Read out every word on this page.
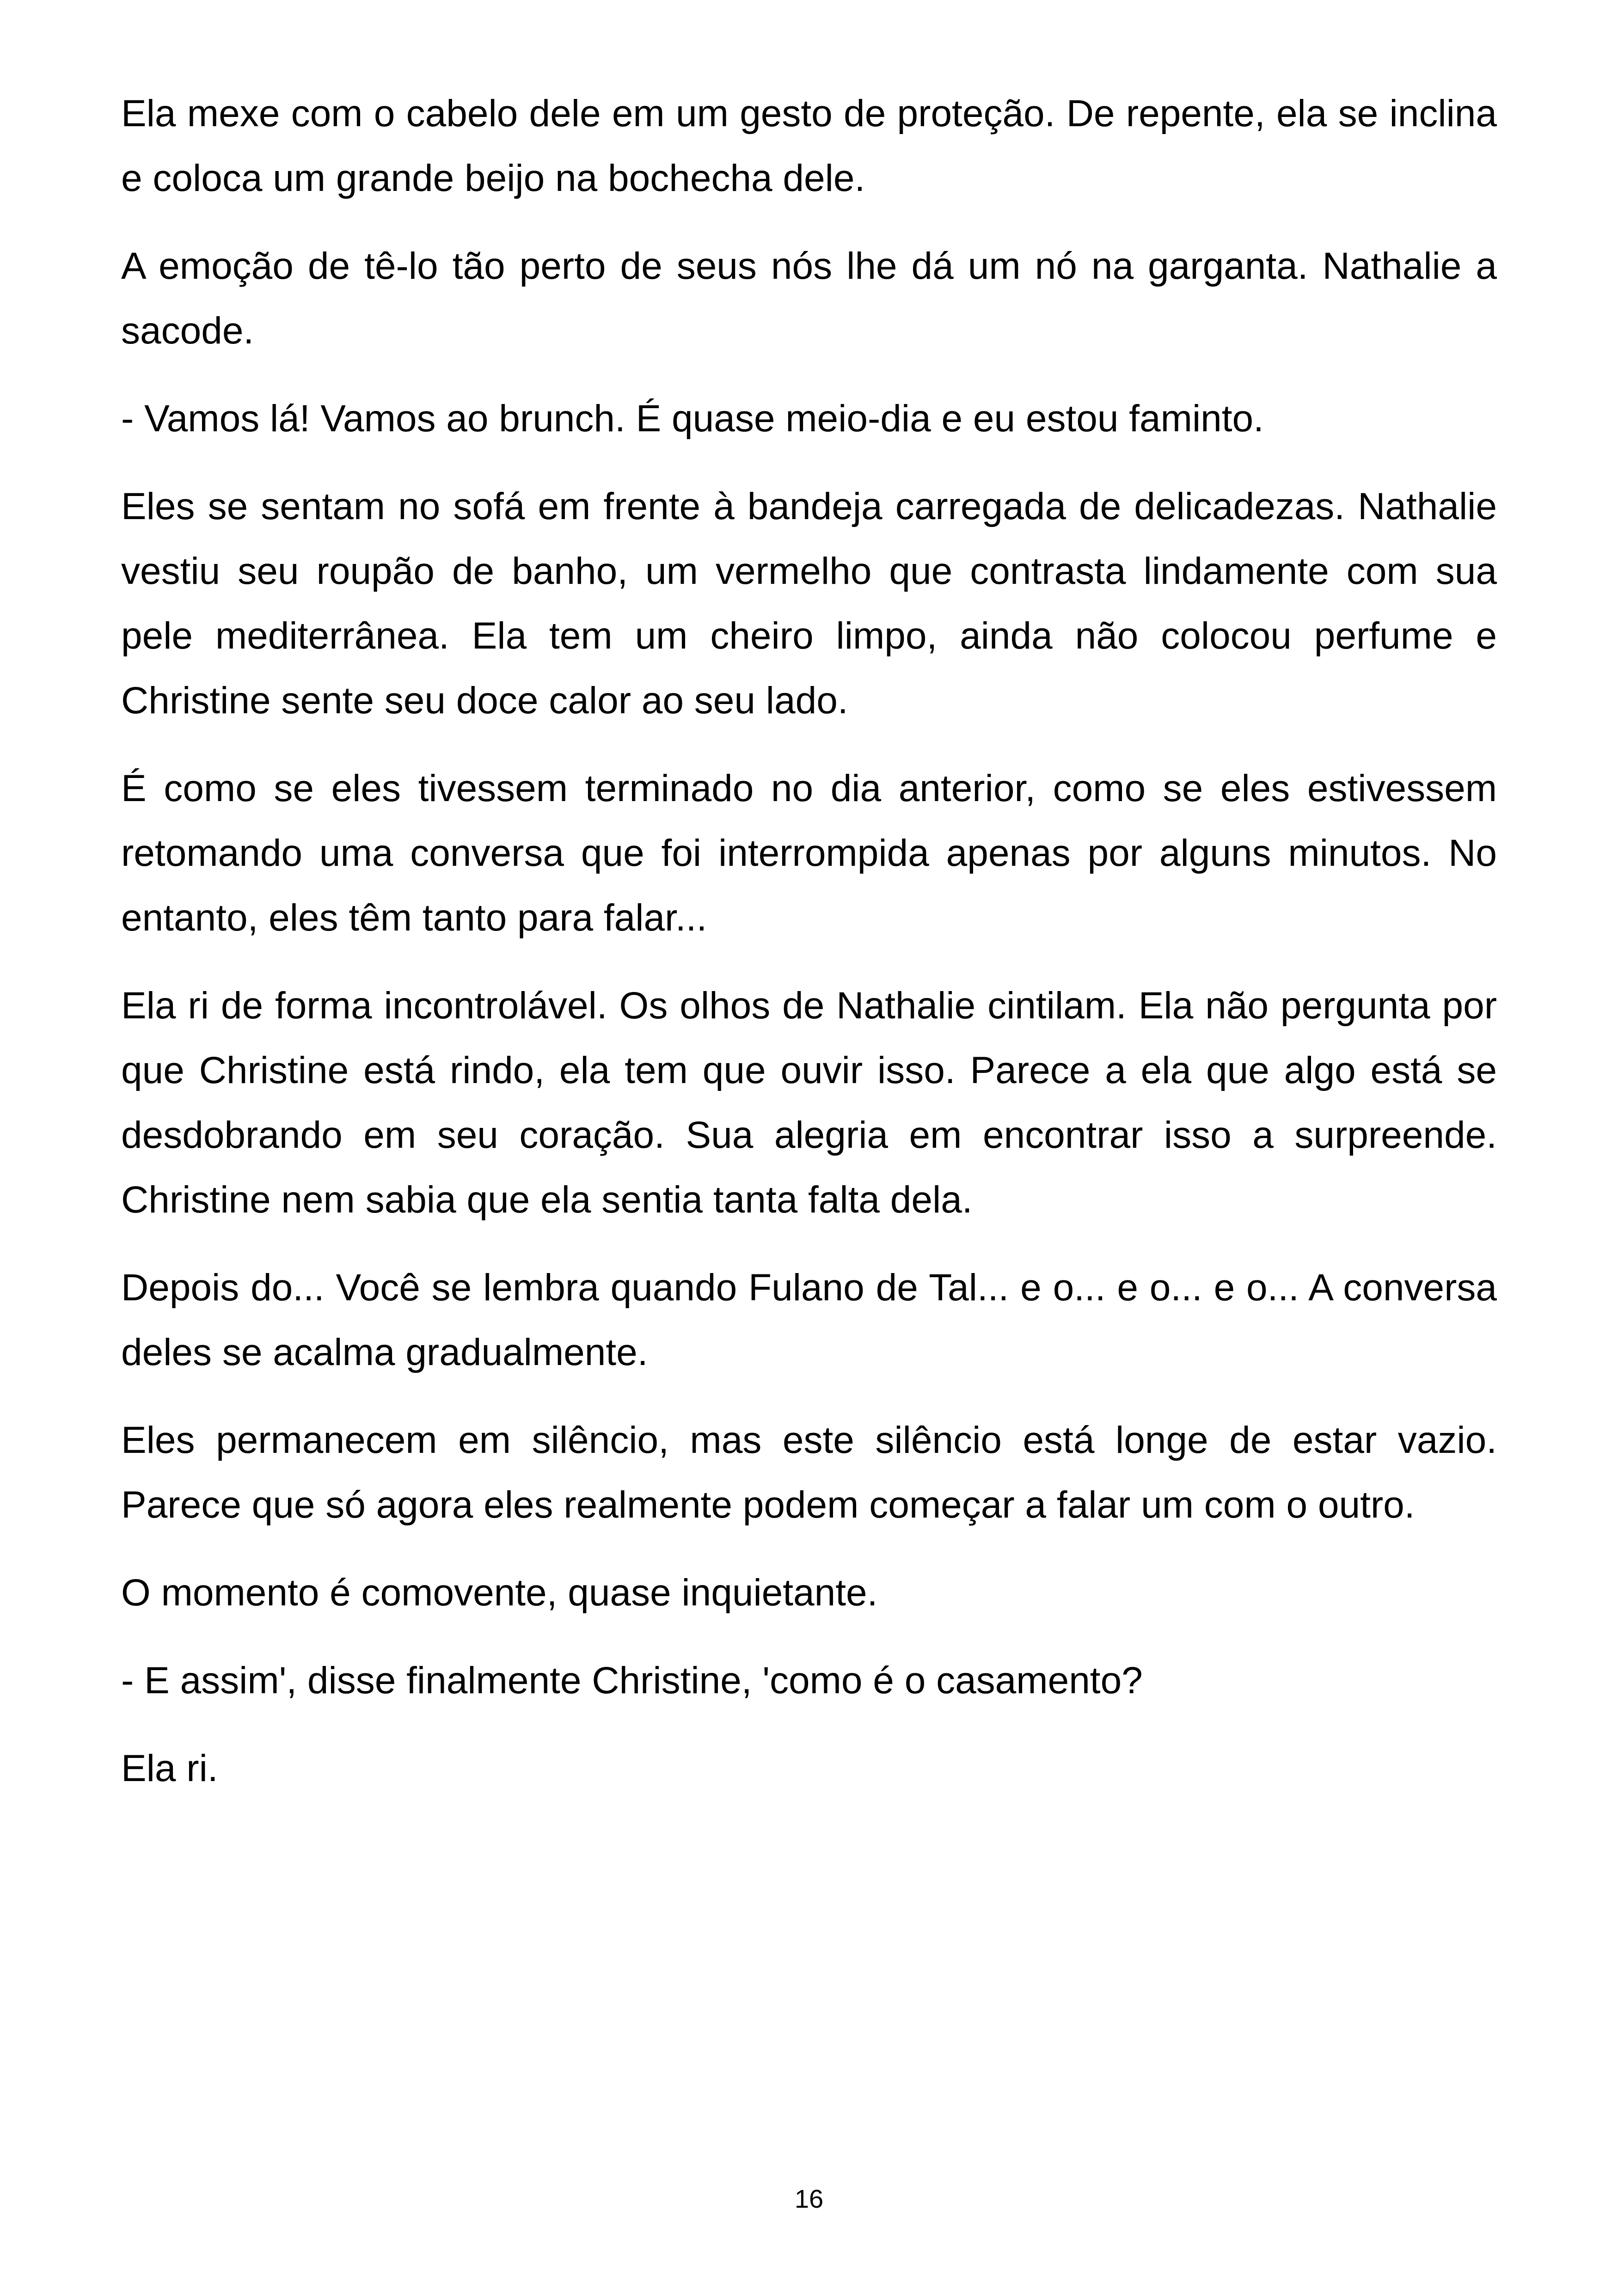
Ela mexe com o cabelo dele em um gesto de proteção. De repente, ela se inclina e coloca um grande beijo na bochecha dele.

A emoção de tê-lo tão perto de seus nós lhe dá um nó na garganta. Nathalie a sacode.

- Vamos lá! Vamos ao brunch. É quase meio-dia e eu estou faminto.

Eles se sentam no sofá em frente à bandeja carregada de delicadezas. Nathalie vestiu seu roupão de banho, um vermelho que contrasta lindamente com sua pele mediterrânea. Ela tem um cheiro limpo, ainda não colocou perfume e Christine sente seu doce calor ao seu lado.

É como se eles tivessem terminado no dia anterior, como se eles estivessem retomando uma conversa que foi interrompida apenas por alguns minutos. No entanto, eles têm tanto para falar...

Ela ri de forma incontrolável. Os olhos de Nathalie cintilam. Ela não pergunta por que Christine está rindo, ela tem que ouvir isso. Parece a ela que algo está se desdobrando em seu coração. Sua alegria em encontrar isso a surpreende. Christine nem sabia que ela sentia tanta falta dela.

Depois do... Você se lembra quando Fulano de Tal... e o... e o... e o... A conversa deles se acalma gradualmente.

Eles permanecem em silêncio, mas este silêncio está longe de estar vazio. Parece que só agora eles realmente podem começar a falar um com o outro.

O momento é comovente, quase inquietante.

- E assim', disse finalmente Christine, 'como é o casamento?

Ela ri.

16
